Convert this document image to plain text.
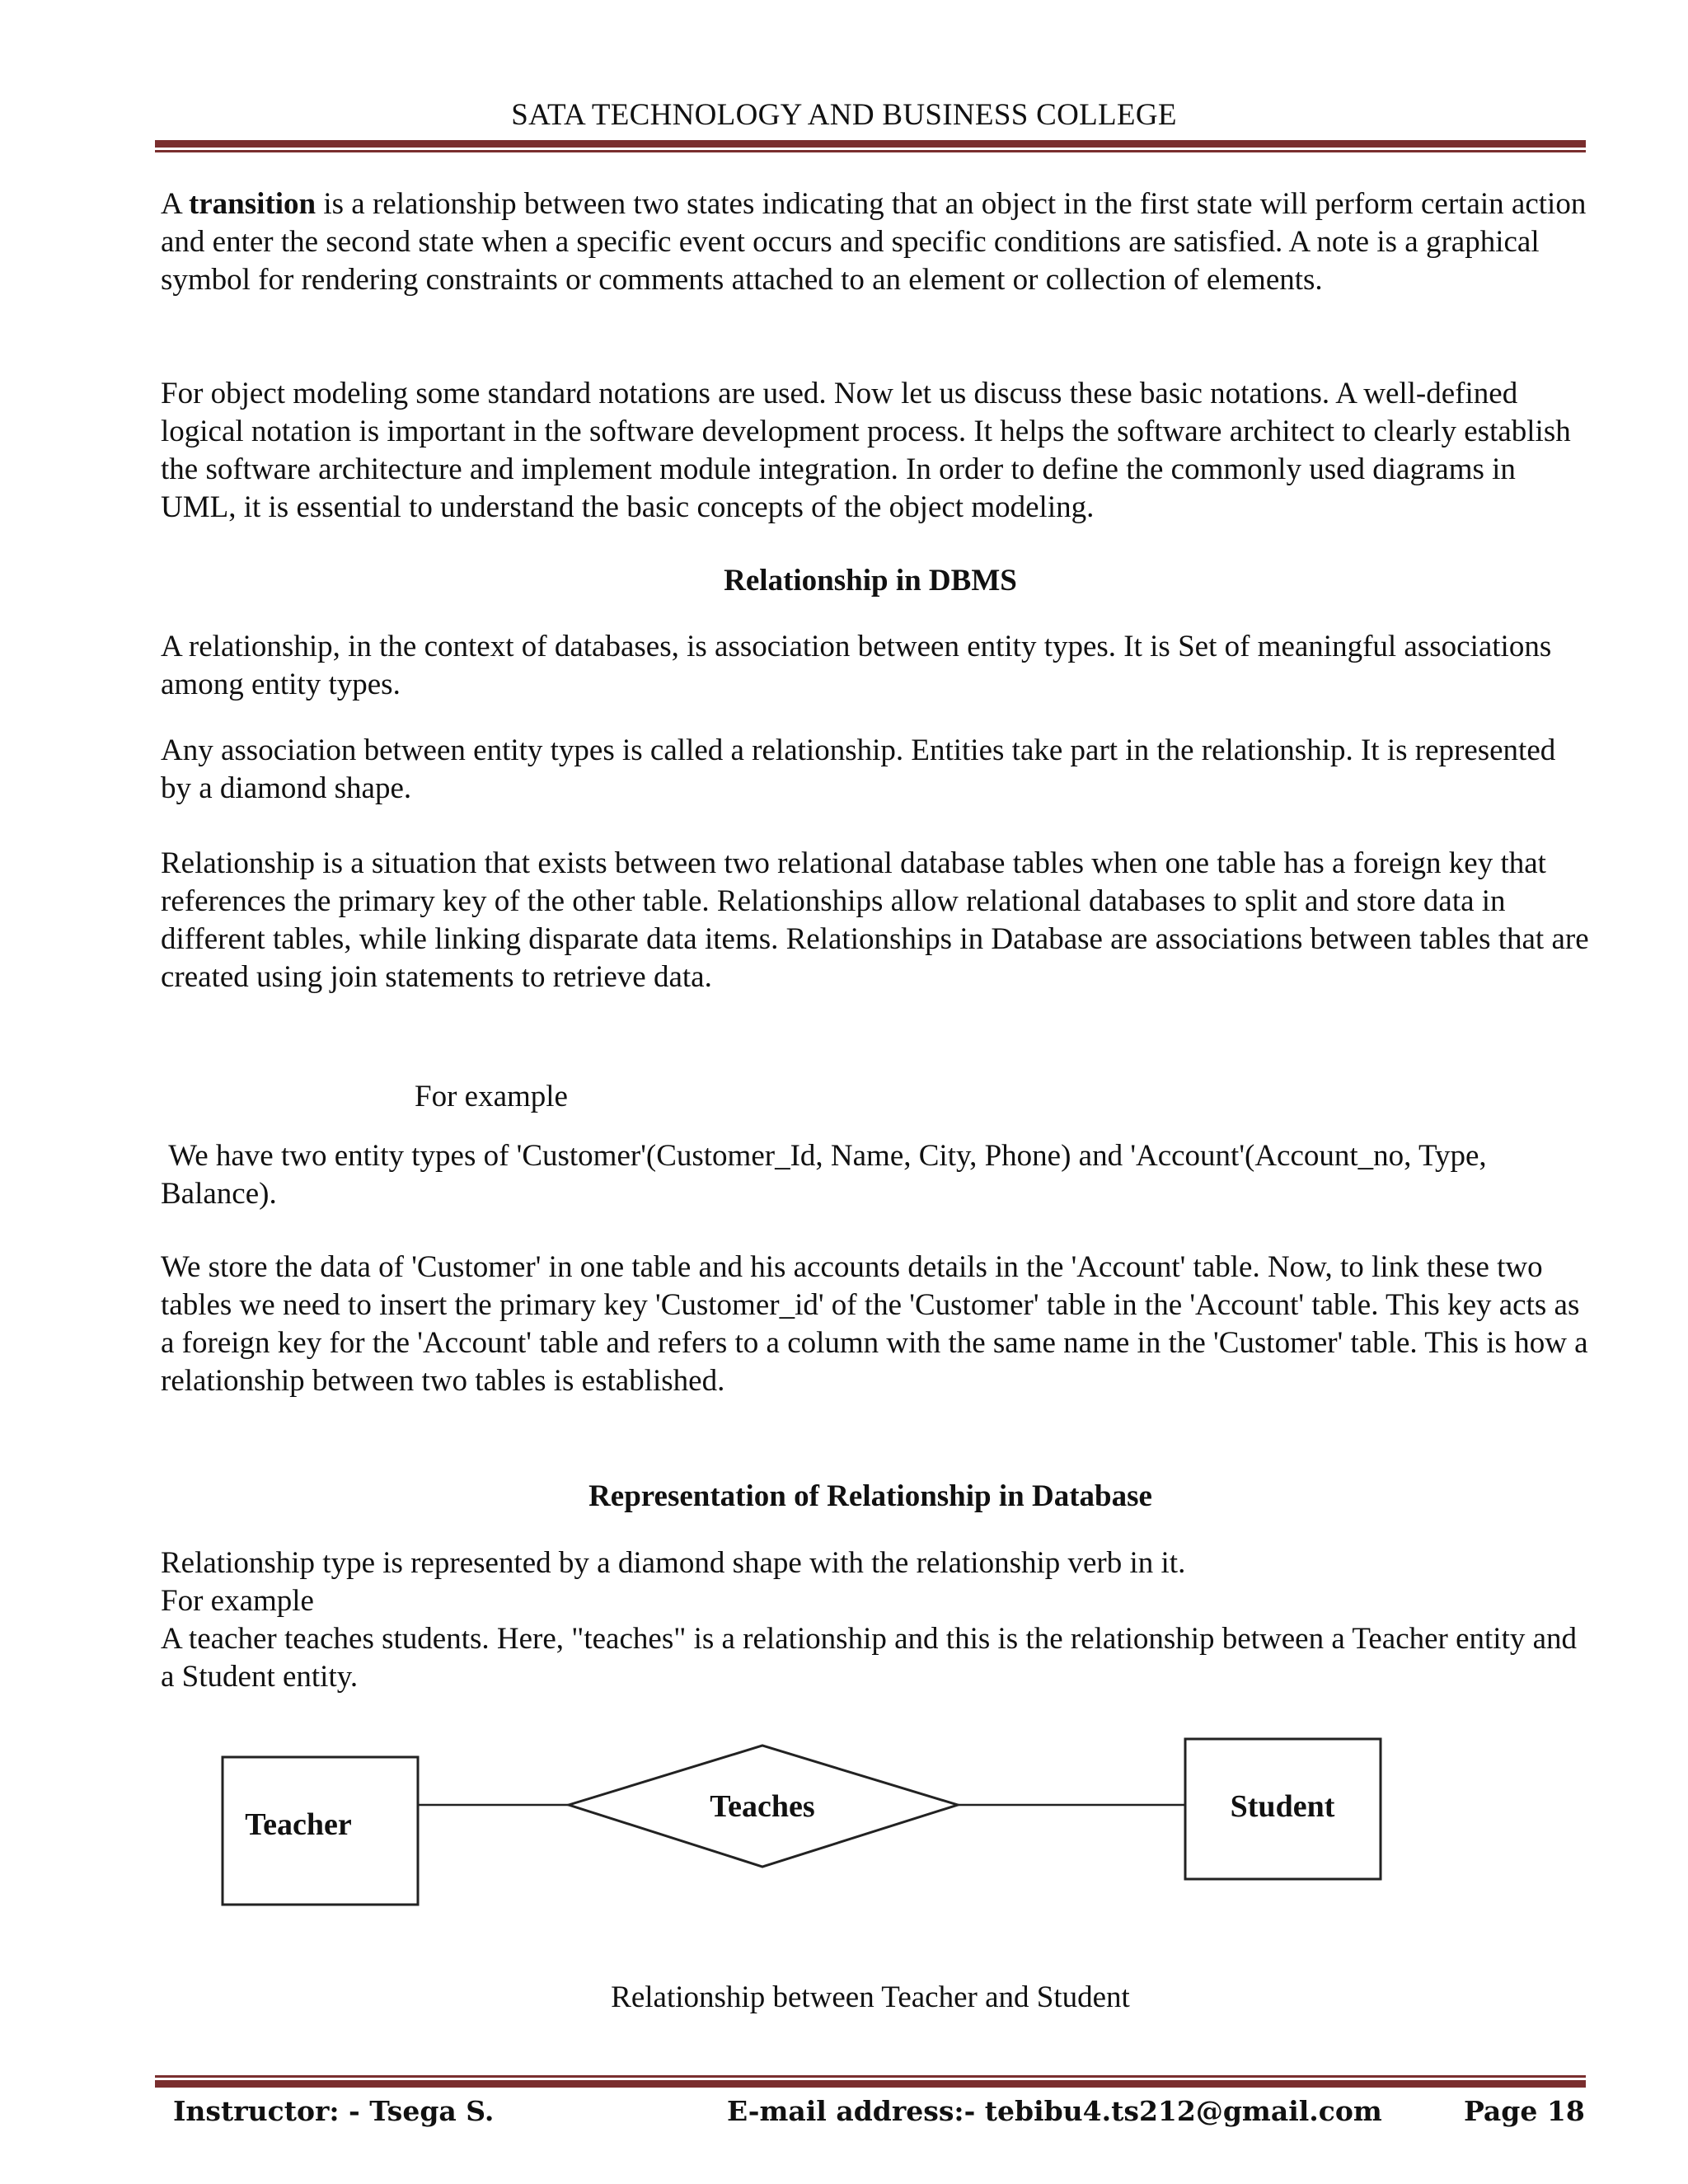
SATA TECHNOLOGY AND BUSINESS COLLEGE

A transition is a relationship between two states indicating that an object in the first state will perform certain action and enter the second state when a specific event occurs and specific conditions are satisfied. A note is a graphical symbol for rendering constraints or comments attached to an element or collection of elements.

For object modeling some standard notations are used. Now let us discuss these basic notations. A well-defined logical notation is important in the software development process. It helps the software architect to clearly establish the software architecture and implement module integration. In order to define the commonly used diagrams in UML, it is essential to understand the basic concepts of the object modeling.

Relationship in DBMS

A relationship, in the context of databases, is association between entity types. It is Set of meaningful associations among entity types.

Any association between entity types is called a relationship. Entities take part in the relationship. It is represented by a diamond shape.

Relationship is a situation that exists between two relational database tables when one table has a foreign key that references the primary key of the other table. Relationships allow relational databases to split and store data in different tables, while linking disparate data items. Relationships in Database are associations between tables that are created using join statements to retrieve data.

For example

We have two entity types of 'Customer'(Customer_Id, Name, City, Phone) and 'Account'(Account_no, Type, Balance).

We store the data of 'Customer' in one table and his accounts details in the 'Account' table. Now, to link these two tables we need to insert the primary key 'Customer_id' of the 'Customer' table in the 'Account' table. This key acts as a foreign key for the 'Account' table and refers to a column with the same name in the 'Customer' table. This is how a relationship between two tables is established.

Representation of Relationship in Database

Relationship type is represented by a diamond shape with the relationship verb in it.

For example

A teacher teaches students. Here, "teaches" is a relationship and this is the relationship between a Teacher entity and a Student entity.

Teacher
Teaches	Student
Relationship between Teacher and Student
Instructor: - Tsega S.	E-mail address:- tebibu4.ts212@gmail.com	Page 18
